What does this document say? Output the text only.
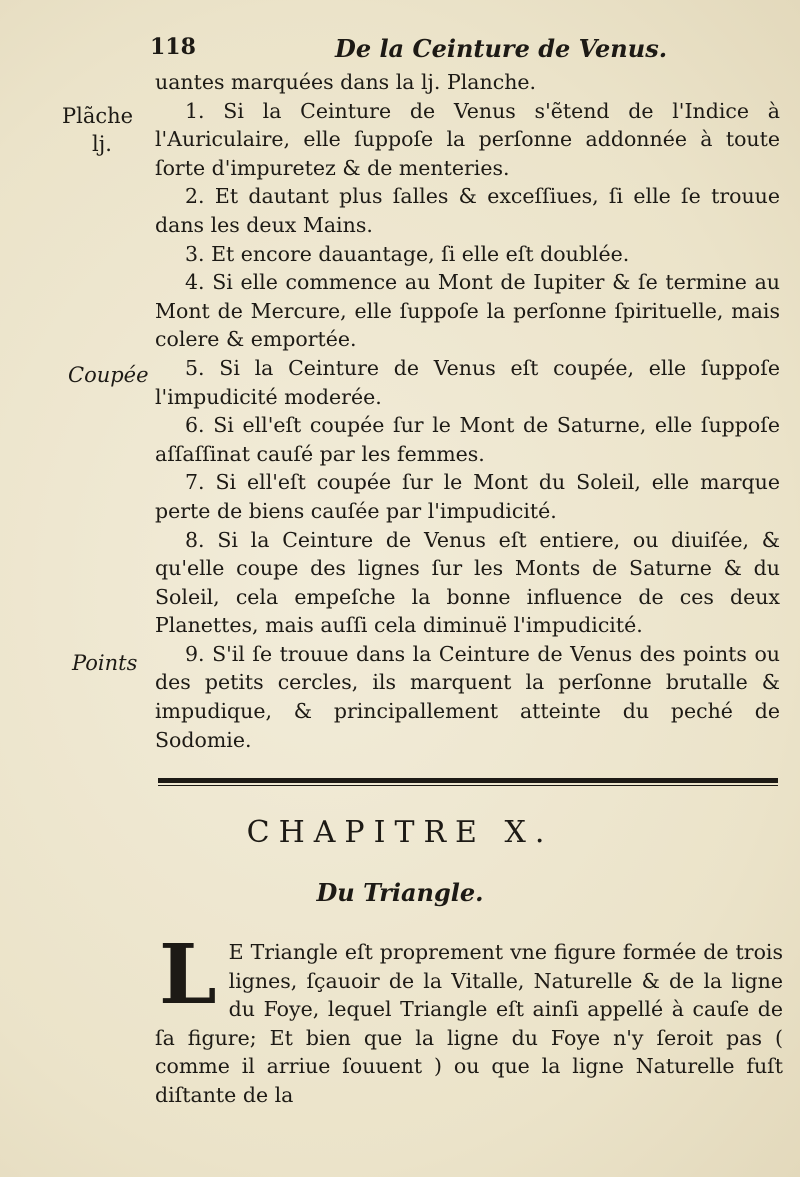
118	De la Ceinture de Venus.
Plãche
lj.
Coupée
Points

uantes marquées dans la lj. Planche.

1. Si la Ceinture de Venus s'ẽtend de l'Indice à l'Auriculaire, elle ſuppoſe la perſonne addonnée à toute ſorte d'impuretez & de menteries.

2. Et dautant plus ſalles & exceſſiues, ſi elle ſe trouue dans les deux Mains.

3. Et encore dauantage, ſi elle eſt doublée.

4. Si elle commence au Mont de Iupiter & ſe termine au Mont de Mercure, elle ſuppoſe la perſonne ſpirituelle, mais colere & emportée.

5. Si la Ceinture de Venus eſt coupée, elle ſuppoſe l'impudicité moderée.

6. Si ell'eſt coupée ſur le Mont de Saturne, elle ſuppoſe aſſaſſinat cauſé par les femmes.

7. Si ell'eſt coupée ſur le Mont du Soleil, elle marque perte de biens cauſée par l'impudicité.

8. Si la Ceinture de Venus eſt entiere, ou diuiſée, & qu'elle coupe des lignes ſur les Monts de Saturne & du Soleil, cela empeſche la bonne influence de ces deux Planettes, mais auſſi cela diminuë l'impudicité.

9. S'il ſe trouue dans la Ceinture de Venus des points ou des petits cercles, ils marquent la perſonne brutalle & impudique, & principallement atteinte du peché de Sodomie.

CHAPITRE X.
Du Triangle.
L E Triangle eſt proprement vne figure formée de trois lignes, ſçauoir de la Vitalle, Naturelle & de la ligne du Foye, lequel Triangle eſt ainſi appellé à cauſe de ſa figure; Et bien que la ligne du Foye n'y ſeroit pas ( comme il arriue ſouuent ) ou que la ligne Naturelle fuſt diſtante de la
